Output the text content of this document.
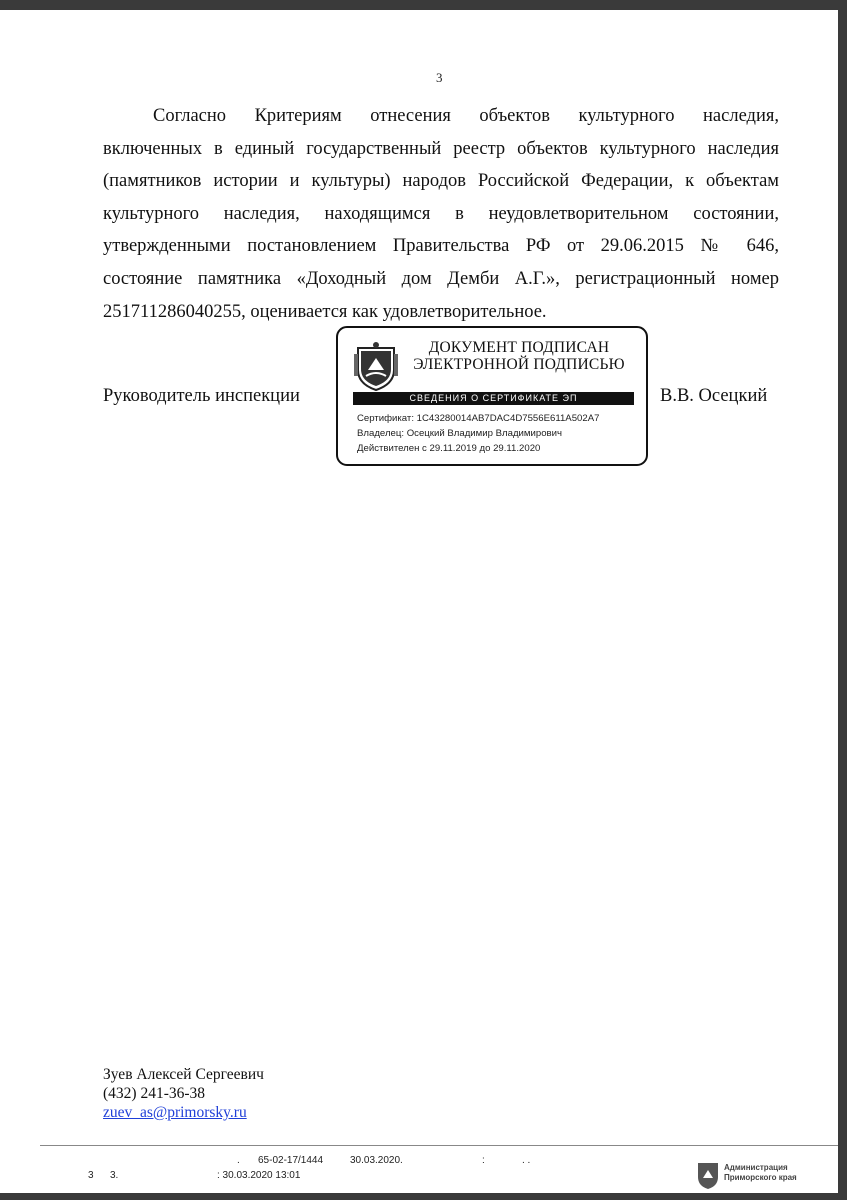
3
Согласно Критериям отнесения объектов культурного наследия,
включенных в единый государственный реестр объектов культурного наследия
(памятников истории и культуры) народов Российской Федерации, к объектам
культурного наследия, находящимся в неудовлетворительном состоянии,
утвержденными постановлением Правительства РФ от 29.06.2015 № 646,
состояние памятника «Доходный дом Демби А.Г.», регистрационный номер
251711286040255, оценивается как удовлетворительное.
Руководитель инспекции	В.В. Осецкий
ДОКУМЕНТ ПОДПИСАН
ЭЛЕКТРОННОЙ ПОДПИСЬЮ
СВЕДЕНИЯ О СЕРТИФИКАТЕ ЭП
Сертификат: 1C43280014AB7DAC4D7556E611A502A7
Владелец: Осецкий Владимир Владимирович
Действителен с 29.11.2019 до 29.11.2020
Зуев Алексей Сергеевич
(432) 241-36-38
zuev_as@primorsky.ru
. 65-02-17/1444	30.03.2020.	:	. .
3 3.	: 30.03.2020 13:01
Администрация
Приморского края
